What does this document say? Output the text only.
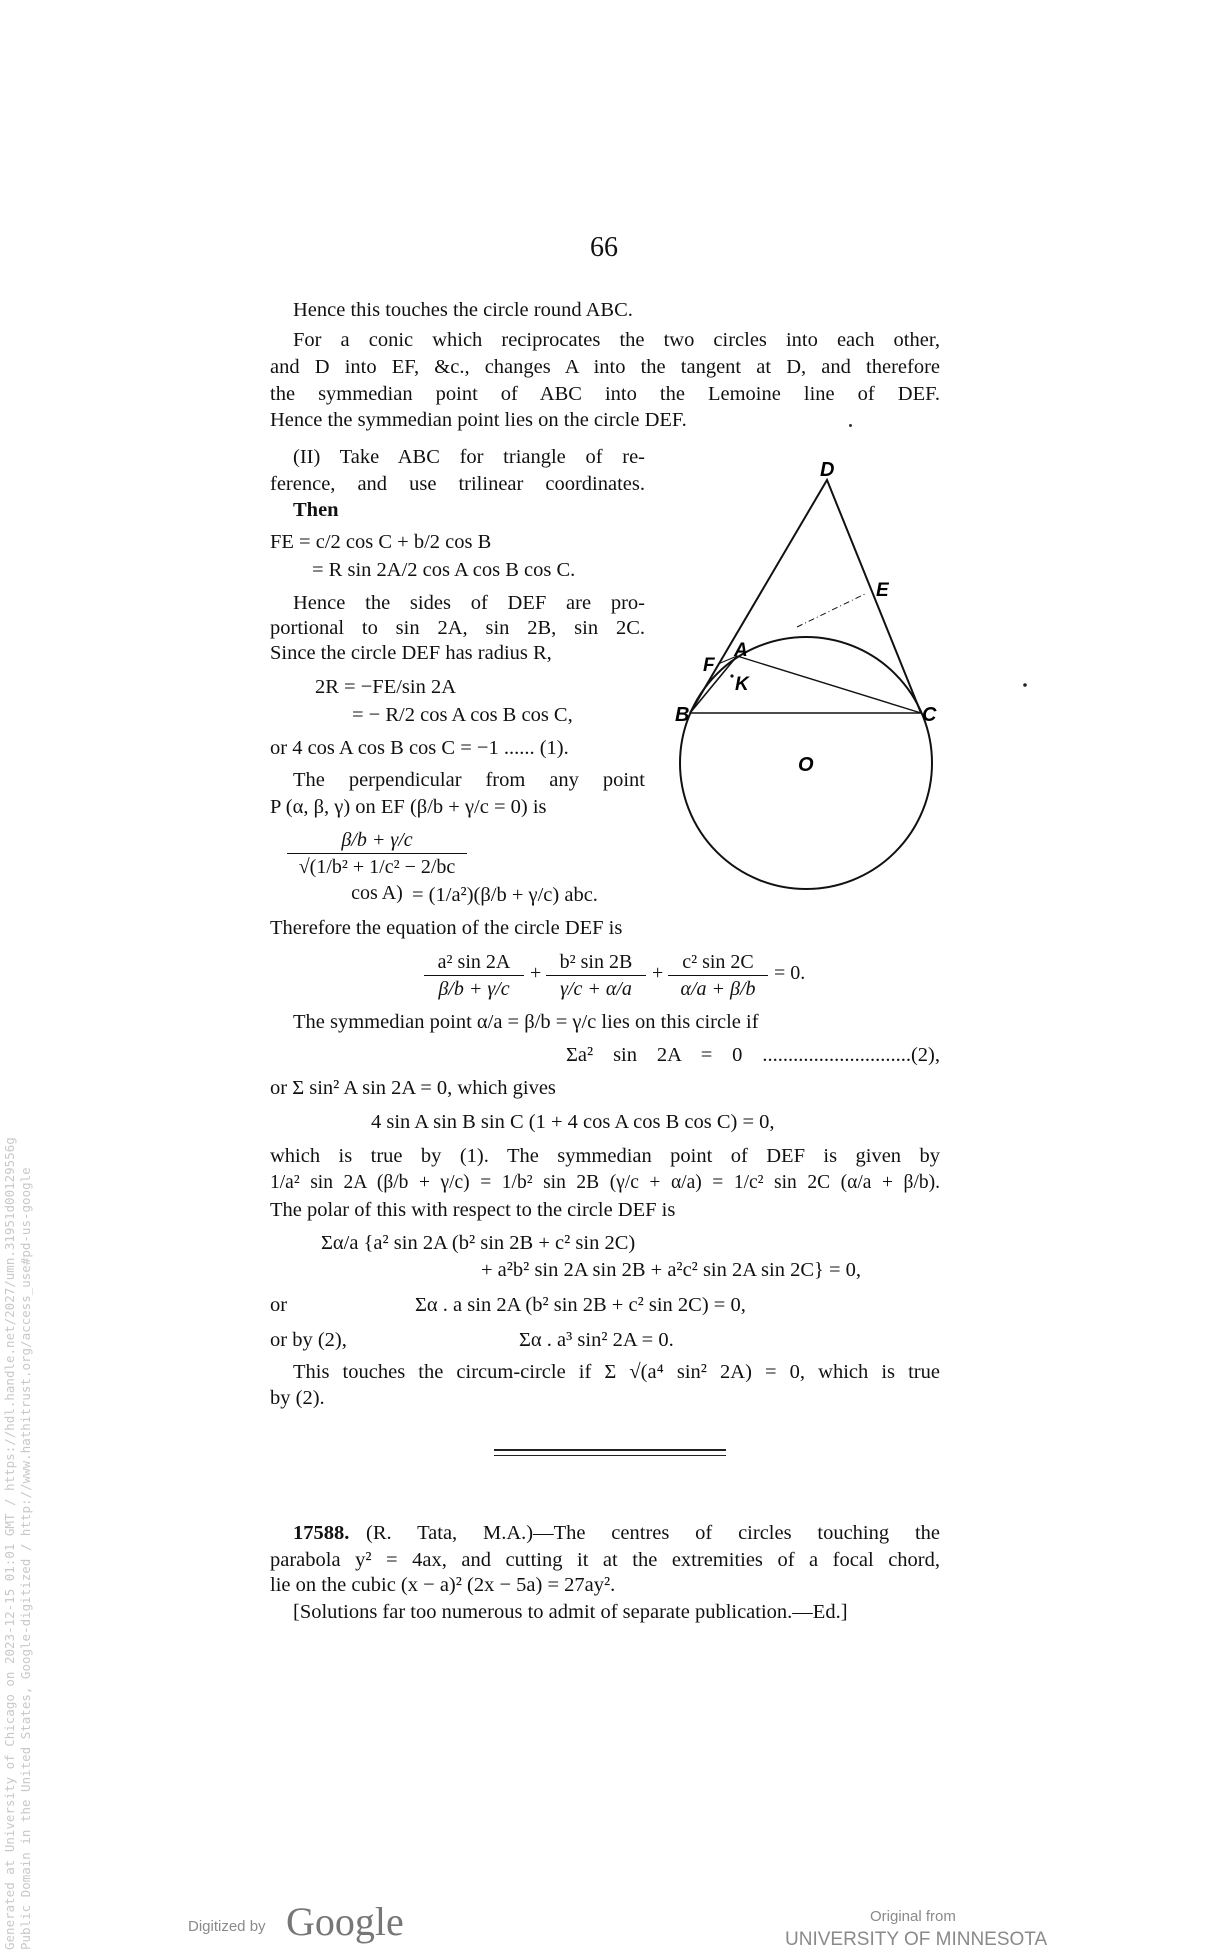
66
Hence this touches the circle round ABC.
For a conic which reciprocates the two circles into each other,
and D into EF, &c., changes A into the tangent at D, and therefore
the symmedian point of ABC into the Lemoine line of DEF.
Hence the symmedian point lies on the circle DEF.
(II) Take ABC for triangle of re-
ference, and use trilinear coordinates.
Then
FE = c/2 cos C + b/2 cos B
= R sin 2A/2 cos A cos B cos C.
Hence the sides of DEF are pro-
portional to sin 2A, sin 2B, sin 2C.
Since the circle DEF has radius R,
2R = −FE/sin 2A
= − R/2 cos A cos B cos C,
or 4 cos A cos B cos C = −1 ...... (1).
The perpendicular from any point
P (α, β, γ) on EF (β/b + γ/c = 0) is
$\frac{\beta/b + \gamma/c}{\text{√(1/b² + 1/c² − 2/bc cos A)}}$
= (1/a²)(β/b + γ/c) abc.
Therefore the equation of the circle DEF is
$\frac{\text{a² sin 2A}}{\beta/b + \gamma/c} + \frac{\text{b² sin 2B}}{\gamma/c + \alpha/a} + \frac{\text{c² sin 2C}}{\alpha/a + \beta/b} = 0$.
The symmedian point α/a = β/b = γ/c lies on this circle if
Σa² sin 2A = 0 .............................(2),
or Σ sin² A sin 2A = 0, which gives
4 sin A sin B sin C (1 + 4 cos A cos B cos C) = 0,
which is true by (1). The symmedian point of DEF is given by
1/a² sin 2A (β/b + γ/c) = 1/b² sin 2B (γ/c + α/a) = 1/c² sin 2C (α/a + β/b).
The polar of this with respect to the circle DEF is
Σα/a {a² sin 2A (b² sin 2B + c² sin 2C)
+ a²b² sin 2A sin 2B + a²c² sin 2A sin 2C} = 0,
or	Σα . a sin 2A (b² sin 2B + c² sin 2C) = 0,
or by (2),	Σα . a³ sin² 2A = 0.
This touches the circum-circle if Σ √(a⁴ sin² 2A) = 0, which is true
by (2).
17588. (R. Tata, M.A.)—The centres of circles touching the
parabola y² = 4ax, and cutting it at the extremities of a focal chord,
lie on the cubic (x − a)² (2x − 5a) = 27ay².
[Solutions far too numerous to admit of separate publication.—Ed.]
D
E
F
A
K
B	C
O
Generated at University of Chicago on 2023-12-15 01:01 GMT / https://hdl.handle.net/2027/umn.31951d00129556g Public Domain in the United States, Google-digitized / http://www.hathitrust.org/access_use#pd-us-google	Digitized by Google	Original from
UNIVERSITY OF MINNESOTA
